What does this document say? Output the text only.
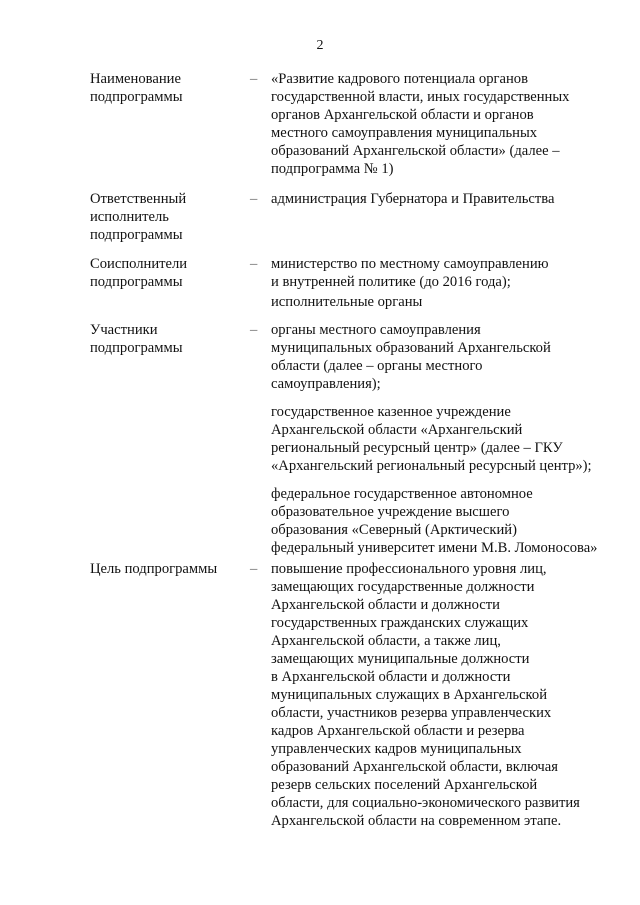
2
Наименование
подпрограммы
– «Развитие кадрового потенциала органов
государственной власти, иных государственных
органов Архангельской области и органов
местного самоуправления муниципальных
образований Архангельской области» (далее –
подпрограмма № 1)

Ответственный
исполнитель
подпрограммы
– администрация Губернатора и Правительства

Соисполнители
подпрограммы
– министерство по местному самоуправлению
и внутренней политике (до 2016 года);

исполнительные органы

Участники
подпрограммы
– органы местного самоуправления
муниципальных образований Архангельской
области (далее – органы местного
самоуправления);

государственное казенное учреждение
Архангельской области «Архангельский
региональный ресурсный центр» (далее – ГКУ
«Архангельский региональный ресурсный центр»);

федеральное государственное автономное
образовательное учреждение высшего
образования «Северный (Арктический)
федеральный университет имени М.В. Ломоносова»

Цель подпрограммы	– повышение профессионального уровня лиц,
замещающих государственные должности
Архангельской области и должности
государственных гражданских служащих
Архангельской области, а также лиц,
замещающих муниципальные должности
в Архангельской области и должности
муниципальных служащих в Архангельской
области, участников резерва управленческих
кадров Архангельской области и резерва
управленческих кадров муниципальных
образований Архангельской области, включая
резерв сельских поселений Архангельской
области, для социально-экономического развития
Архангельской области на современном этапе.
